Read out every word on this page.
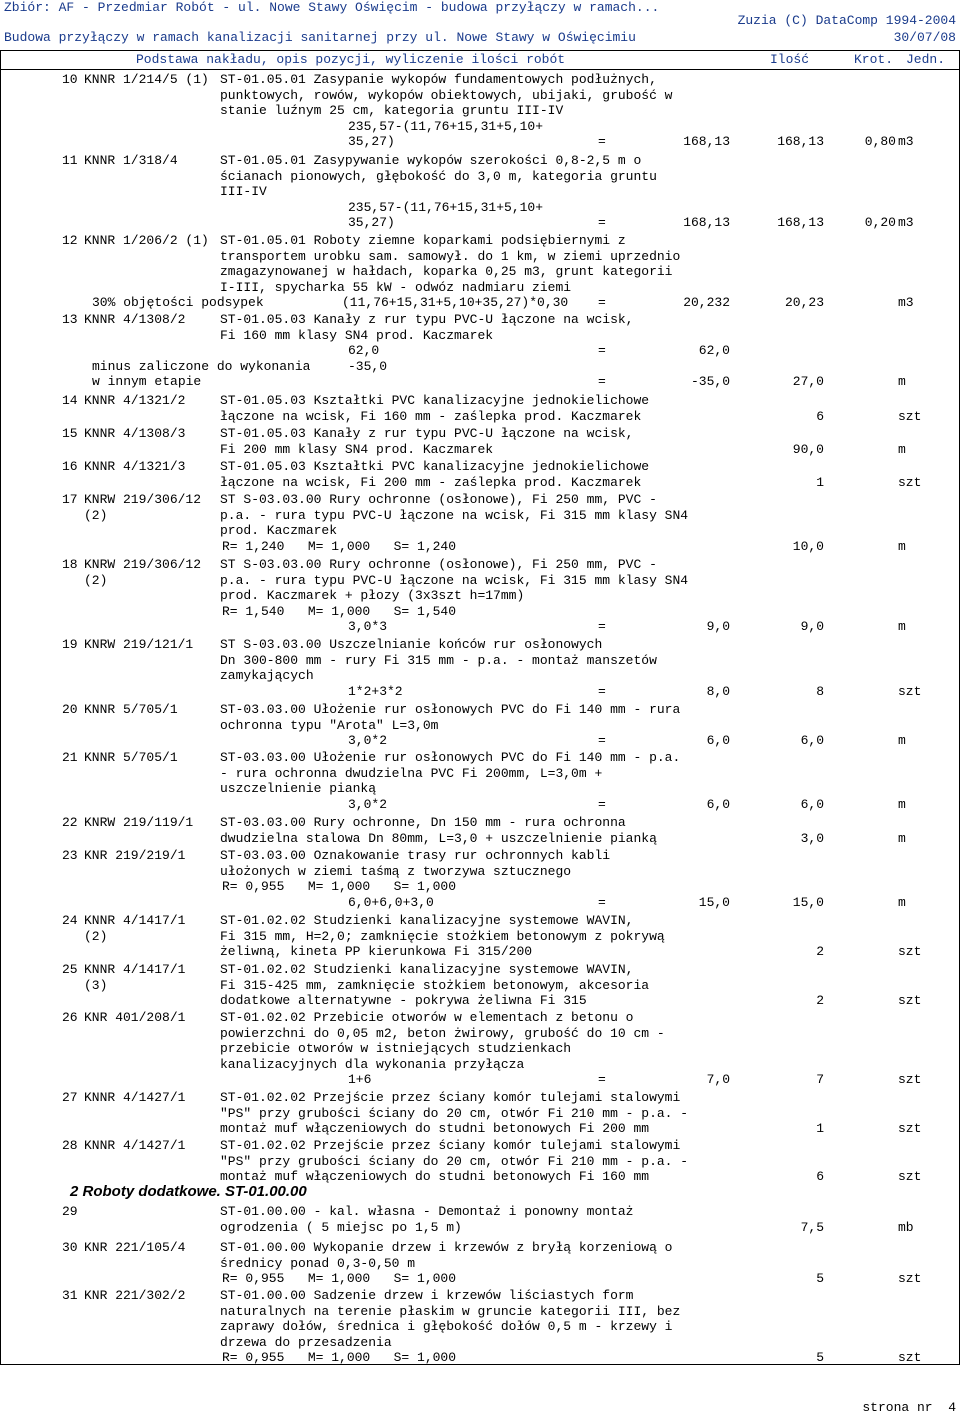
Zbiór: AF - Przedmiar Robót - ul. Nowe Stawy Oświęcim - budowa przyłączy w ramach...
Zuzia (C) DataComp 1994-2004
Budowa przyłączy w ramach kanalizacji sanitarnej przy ul. Nowe Stawy w Oświęcimiu	30/07/08
Podstawa nakładu, opis pozycji, wyliczenie ilości robót	Ilość	Krot. Jedn.
10 KNNR 1/214/5 (1) ST-01.05.01 Zasypanie wykopów fundamentowych podłużnych,
punktowych, rowów, wykopów obiektowych, ubijaki, grubość w
stanie luźnym 25 cm, kategoria gruntu III-IV
235,57-(11,76+15,31+5,10+
35,27)	=	168,13	168,13	0,80 m3
11 KNNR 1/318/4	ST-01.05.01 Zasypywanie wykopów szerokości 0,8-2,5 m o
ścianach pionowych, głębokość do 3,0 m, kategoria gruntu
III-IV
235,57-(11,76+15,31+5,10+
35,27)	=	168,13	168,13	0,20 m3
12 KNNR 1/206/2 (1) ST-01.05.01 Roboty ziemne koparkami podsiębiernymi z
transportem urobku sam. samowył. do 1 km, w ziemi uprzednio
zmagazynowanej w hałdach, koparka 0,25 m3, grunt kategorii
I-III, spycharka 55 kW - odwóz nadmiaru ziemi
30% objętości podsypek	(11,76+15,31+5,10+35,27)*0,30 =	20,232	20,23	m3
13 KNNR 4/1308/2	ST-01.05.03 Kanały z rur typu PVC-U łączone na wcisk,
Fi 160 mm klasy SN4 prod. Kaczmarek
62,0	=	62,0
minus zaliczone do wykonania	-35,0
w innym etapie	=	-35,0	27,0	m
14 KNNR 4/1321/2	ST-01.05.03 Kształtki PVC kanalizacyjne jednokielichowe
łączone na wcisk, Fi 160 mm - zaślepka prod. Kaczmarek	6	szt
15 KNNR 4/1308/3	ST-01.05.03 Kanały z rur typu PVC-U łączone na wcisk,
Fi 200 mm klasy SN4 prod. Kaczmarek	90,0	m
16 KNNR 4/1321/3	ST-01.05.03 Kształtki PVC kanalizacyjne jednokielichowe
łączone na wcisk, Fi 200 mm - zaślepka prod. Kaczmarek	1	szt
17 KNRW 219/306/12
(2)
ST S-03.03.00 Rury ochronne (osłonowe), Fi 250 mm, PVC -
p.a. - rura typu PVC-U łączone na wcisk, Fi 315 mm klasy SN4
prod. Kaczmarek
R= 1,240   M= 1,000   S= 1,240	10,0	m
18 KNRW 219/306/12
(2)
ST S-03.03.00 Rury ochronne (osłonowe), Fi 250 mm, PVC -
p.a. - rura typu PVC-U łączone na wcisk, Fi 315 mm klasy SN4
prod. Kaczmarek + płozy (3x3szt h=17mm)
R= 1,540   M= 1,000   S= 1,540
3,0*3	=	9,0	9,0	m
19 KNRW 219/121/1 ST S-03.03.00 Uszczelnianie końców rur osłonowych
Dn 300-800 mm - rury Fi 315 mm - p.a. - montaż manszetów
zamykających
1*2+3*2	=	8,0	8	szt
20 KNNR 5/705/1	ST-03.03.00 Ułożenie rur osłonowych PVC do Fi 140 mm - rura
ochronna typu "Arota" L=3,0m
3,0*2	=	6,0	6,0	m
21 KNNR 5/705/1	ST-03.03.00 Ułożenie rur osłonowych PVC do Fi 140 mm - p.a.
- rura ochronna dwudzielna PVC Fi 200mm, L=3,0m +
uszczelnienie pianką
3,0*2	=	6,0	6,0	m
22 KNRW 219/119/1 ST-03.03.00 Rury ochronne, Dn 150 mm - rura ochronna
dwudzielna stalowa Dn 80mm, L=3,0 + uszczelnienie pianką	3,0	m
23 KNR 219/219/1	ST-03.03.00 Oznakowanie trasy rur ochronnych kabli
ułożonych w ziemi taśmą z tworzywa sztucznego
R= 0,955   M= 1,000   S= 1,000
6,0+6,0+3,0	=	15,0	15,0	m
24 KNNR 4/1417/1
(2)
ST-01.02.02 Studzienki kanalizacyjne systemowe WAVIN,
Fi 315 mm, H=2,0; zamknięcie stożkiem betonowym z pokrywą
żeliwną, kineta PP kierunkowa Fi 315/200	2	szt
25 KNNR 4/1417/1
(3)
ST-01.02.02 Studzienki kanalizacyjne systemowe WAVIN,
Fi 315-425 mm, zamknięcie stożkiem betonowym, akcesoria
dodatkowe alternatywne - pokrywa żeliwna Fi 315	2	szt
26 KNR 401/208/1	ST-01.02.02 Przebicie otworów w elementach z betonu o
powierzchni do 0,05 m2, beton żwirowy, grubość do 10 cm -
przebicie otworów w istniejących studzienkach
kanalizacyjnych dla wykonania przyłącza
1+6	=	7,0	7	szt
27 KNNR 4/1427/1	ST-01.02.02 Przejście przez ściany komór tulejami stalowymi
"PS" przy grubości ściany do 20 cm, otwór Fi 210 mm - p.a. -
montaż muf włączeniowych do studni betonowych Fi 200 mm	1	szt
28 KNNR 4/1427/1	ST-01.02.02 Przejście przez ściany komór tulejami stalowymi
"PS" przy grubości ściany do 20 cm, otwór Fi 210 mm - p.a. -
montaż muf włączeniowych do studni betonowych Fi 160 mm	6	szt
2 Roboty dodatkowe. ST-01.00.00
29	ST-01.00.00 - kal. własna - Demontaż i ponowny montaż
ogrodzenia ( 5 miejsc po 1,5 m)	7,5	mb
30 KNR 221/105/4	ST-01.00.00 Wykopanie drzew i krzewów z bryłą korzeniową o
średnicy ponad 0,3-0,50 m
R= 0,955   M= 1,000   S= 1,000	5	szt
31 KNR 221/302/2	ST-01.00.00 Sadzenie drzew i krzewów liściastych form
naturalnych na terenie płaskim w gruncie kategorii III, bez
zaprawy dołów, średnica i głębokość dołów 0,5 m - krzewy i
drzewa do przesadzenia
R= 0,955   M= 1,000   S= 1,000	5	szt
strona nr  4
